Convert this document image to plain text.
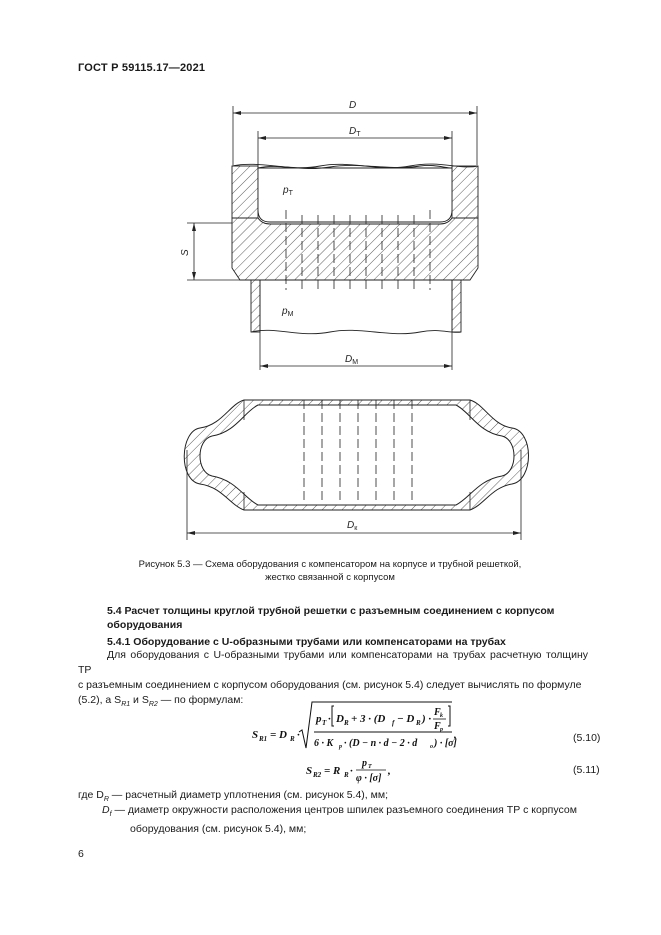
ГОСТ Р 59115.17—2021
D
$D_Т$
$p_Т$
S
$p_М$
$D_М$
$D_к$
Рисунок 5.3 — Схема оборудования с компенсатором на корпусе и трубной решеткой,
жестко связанной с корпусом
5.4 Расчет толщины круглой трубной решетки с разъемным соединением с корпусом
оборудования
5.4.1 Оборудование с U-образными трубами или компенсаторами на трубах
Для оборудования с U-образными трубами или компенсаторами на трубах расчетную толщину ТР
с разъемным соединением с корпусом оборудования (см. рисунок 5.4) следует вычислять по формуле
(5.2), а $S_{R1}$ и $S_{R2}$ — по формулам:
S R1 = D R ·
p T · D R + 3 · (D f − D R ) ·
F k
F p
6 · K p · (D − n · d − 2 · d o ) · [σ]
,	(5.10)
S R2 = R R ·
p T
φ · [σ]
,	(5.11)
где $D_R$ — расчетный диаметр уплотнения (см. рисунок 5.4), мм;
$D_f$ — диаметр окружности расположения центров шпилек разъемного соединения ТР с корпусом
оборудования (см. рисунок 5.4), мм;
6
